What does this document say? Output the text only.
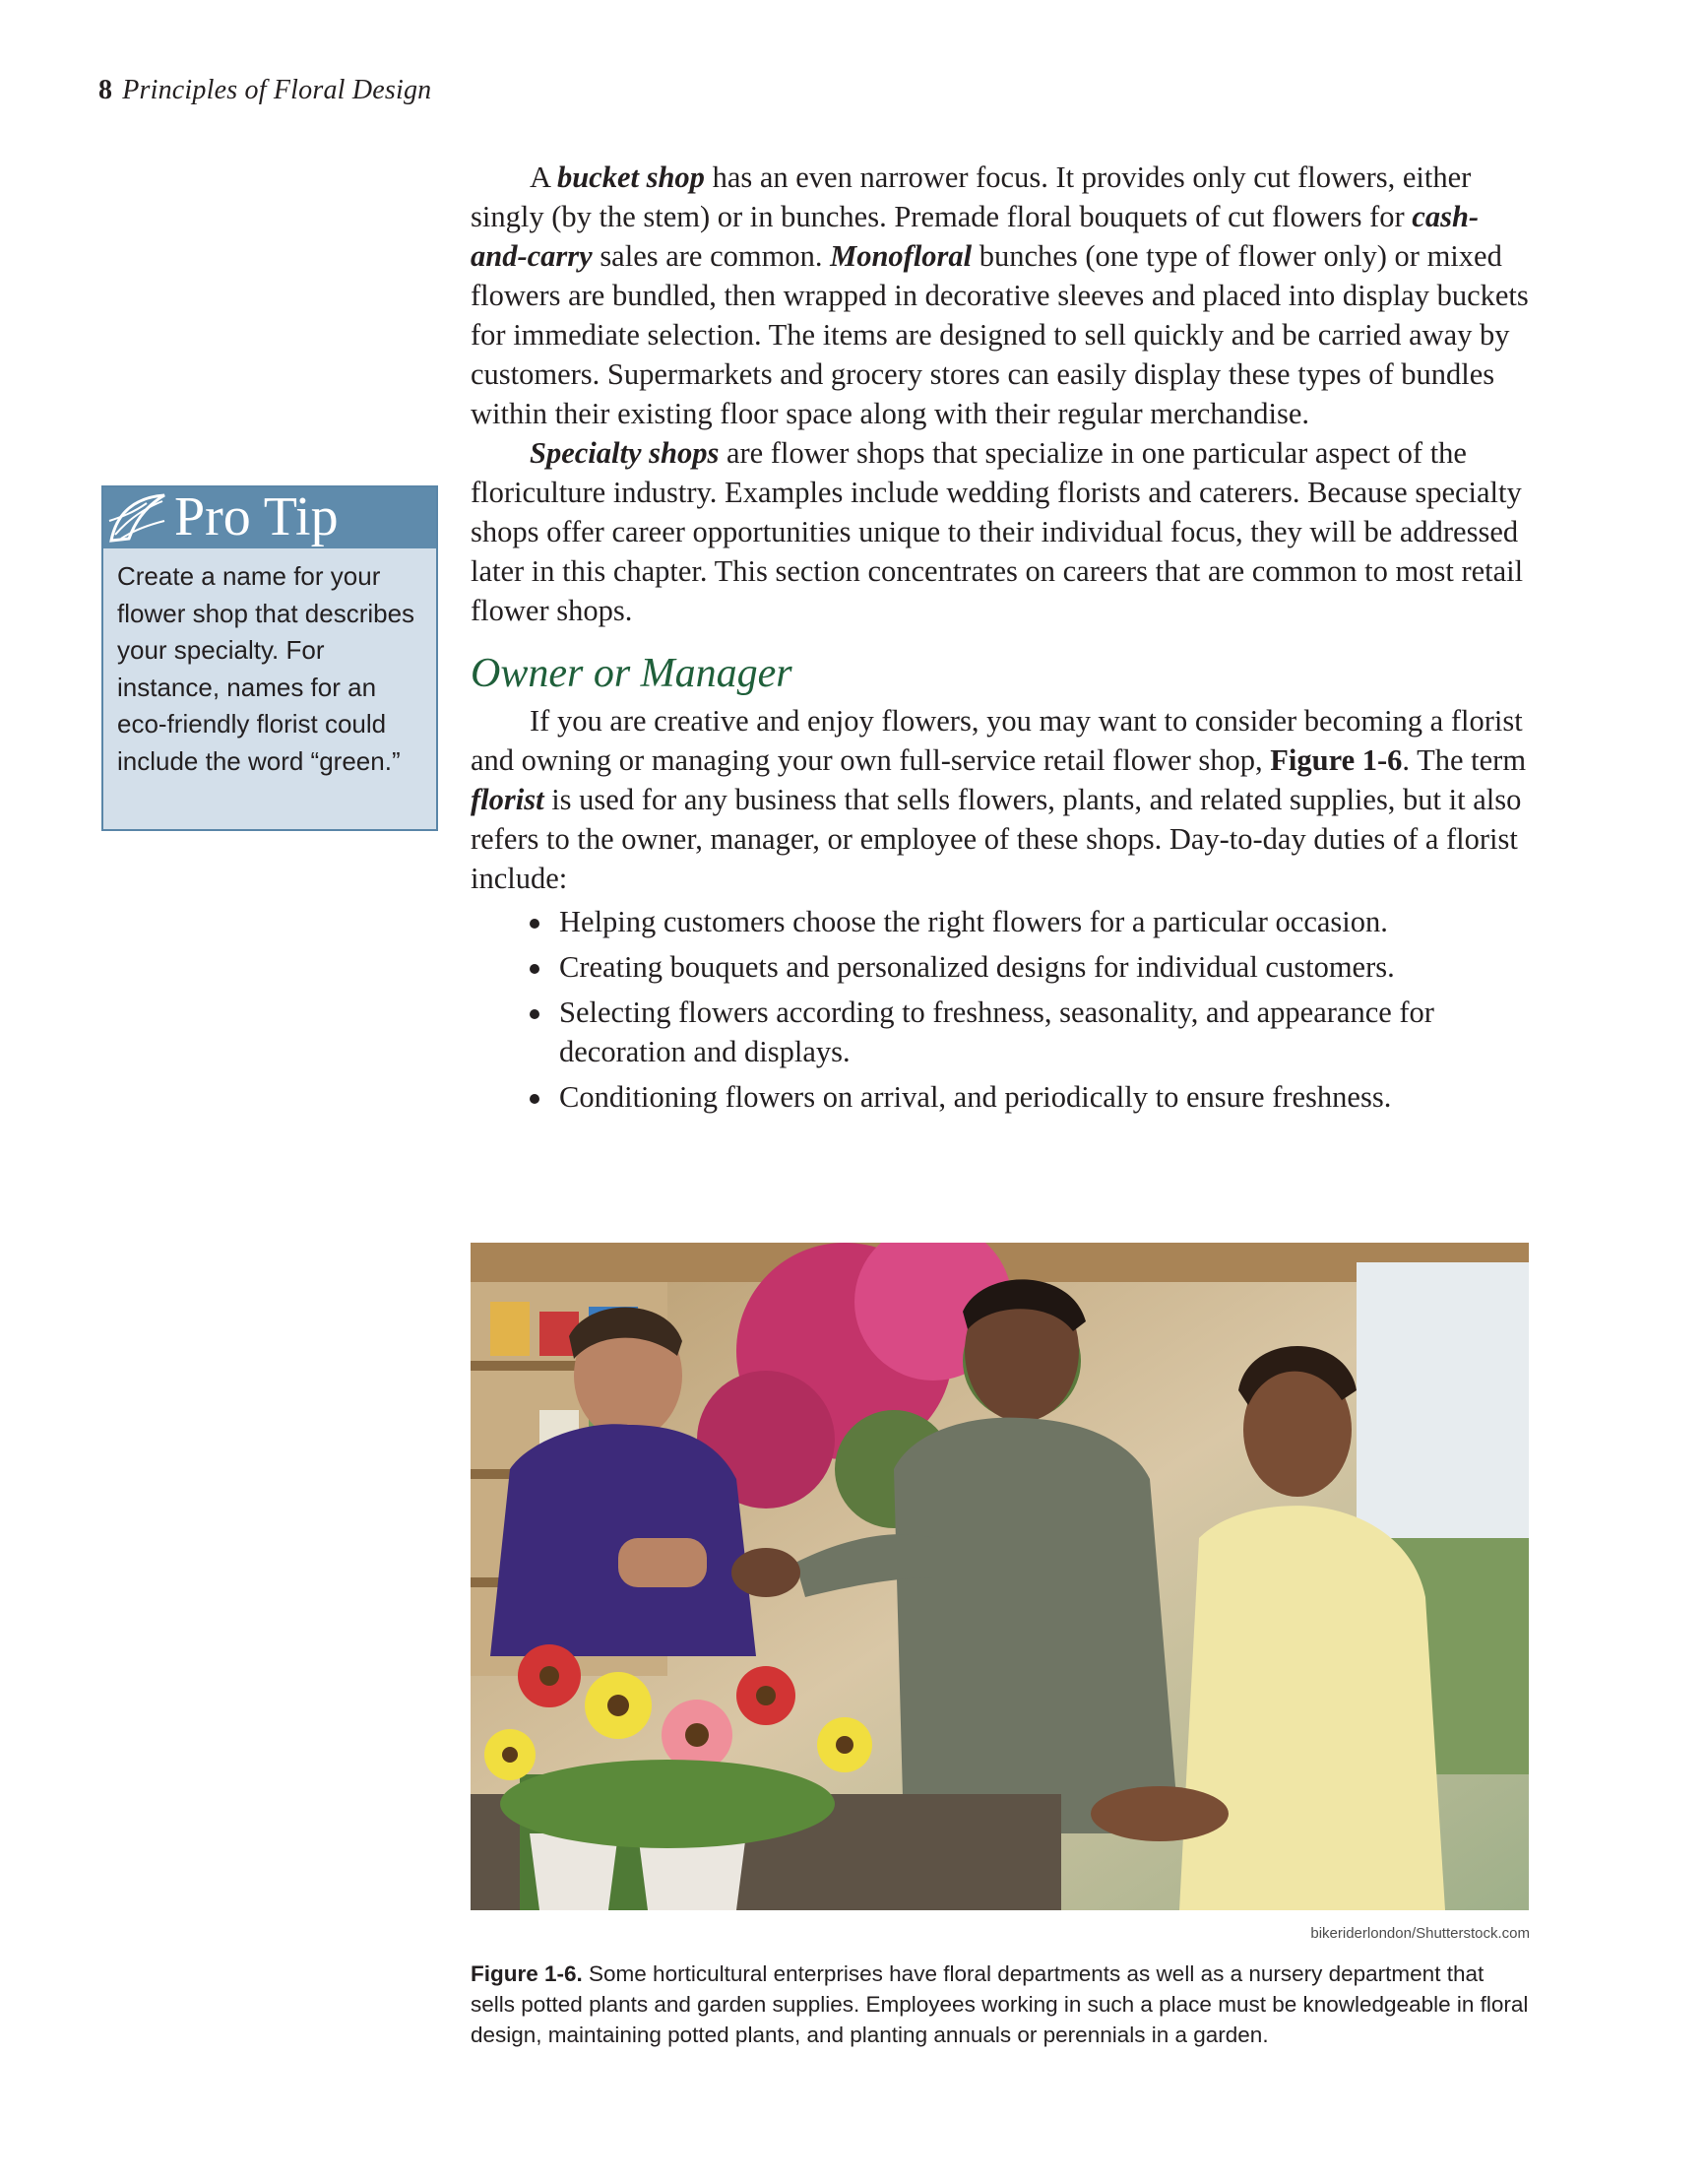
8 Principles of Floral Design
Pro Tip
Create a name for your flower shop that describes your specialty. For instance, names for an eco-friendly florist could include the word “green.”

A bucket shop has an even narrower focus. It provides only cut flowers, either singly (by the stem) or in bunches. Premade floral bouquets of cut flowers for cash-and-carry sales are common. Monofloral bunches (one type of flower only) or mixed flowers are bundled, then wrapped in decorative sleeves and placed into display buckets for immediate selection. The items are designed to sell quickly and be carried away by customers. Supermarkets and grocery stores can easily display these types of bundles within their existing floor space along with their regular merchandise.

Specialty shops are flower shops that specialize in one particular aspect of the floriculture industry. Examples include wedding florists and caterers. Because specialty shops offer career opportunities unique to their individual focus, they will be addressed later in this chapter. This section concentrates on careers that are common to most retail flower shops.

Owner or Manager

If you are creative and enjoy flowers, you may want to consider becoming a florist and owning or managing your own full-service retail flower shop, Figure 1-6. The term florist is used for any business that sells flowers, plants, and related supplies, but it also refers to the owner, manager, or employee of these shops. Day-to-day duties of a florist include:

Helping customers choose the right flowers for a particular occasion.
Creating bouquets and personalized designs for individual customers.
Selecting flowers according to freshness, seasonality, and appearance for decoration and displays.
Conditioning flowers on arrival, and periodically to ensure freshness.
bikeriderlondon/Shutterstock.com
Figure 1-6. Some horticultural enterprises have floral departments as well as a nursery department that sells potted plants and garden supplies. Employees working in such a place must be knowledgeable in floral design, maintaining potted plants, and planting annuals or perennials in a garden.
